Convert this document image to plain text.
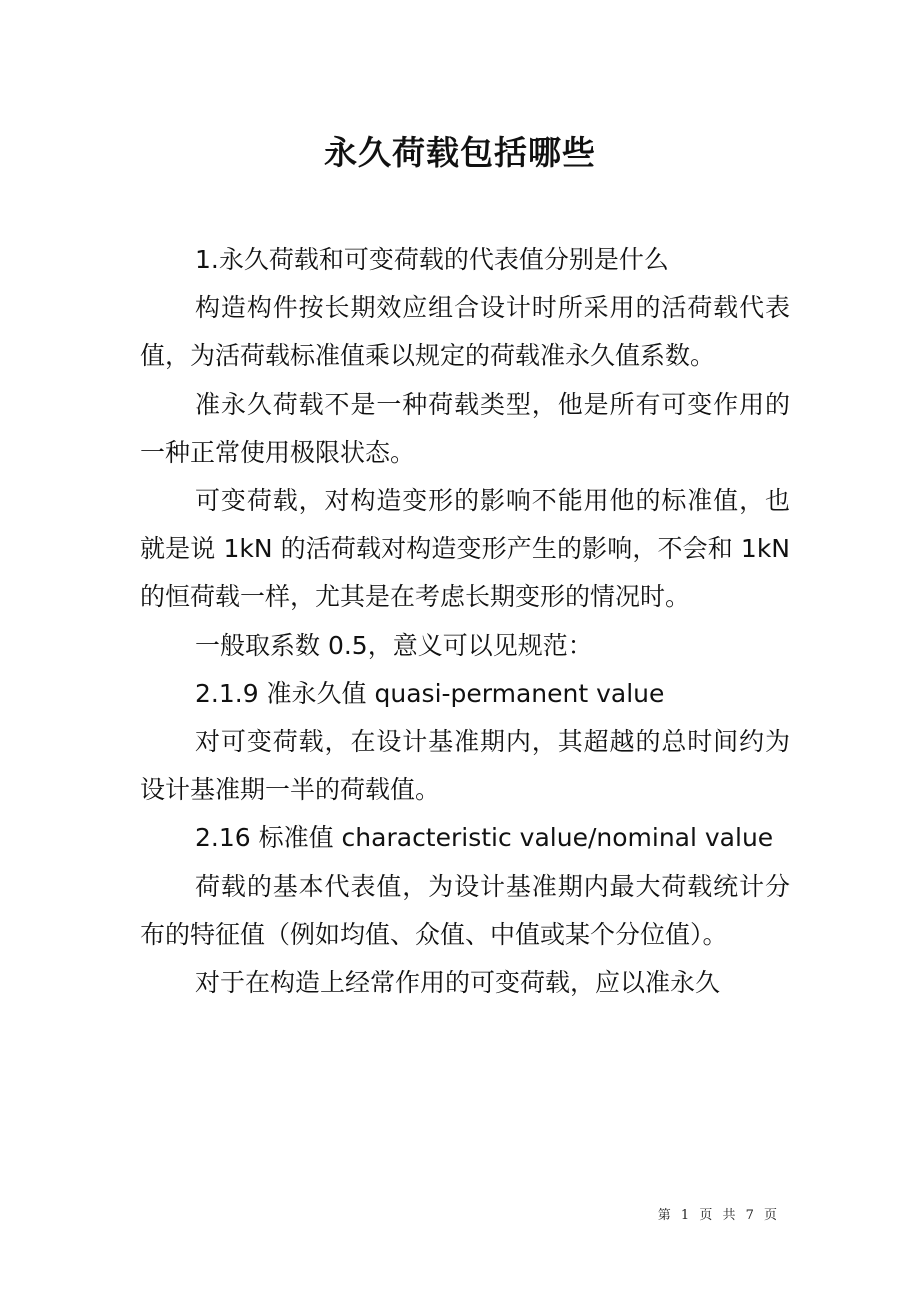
永久荷载包括哪些

1.永久荷载和可变荷载的代表值分别是什么

构造构件按长期效应组合设计时所采用的活荷载代表值，为活荷载标准值乘以规定的荷载准永久值系数。

准永久荷载不是一种荷载类型，他是所有可变作用的一种正常使用极限状态。

可变荷载，对构造变形的影响不能用他的标准值，也就是说 1kN 的活荷载对构造变形产生的影响，不会和 1kN 的恒荷载一样，尤其是在考虑长期变形的情况时。

一般取系数 0.5，意义可以见规范：

2.1.9 准永久值 quasi-permanent value

对可变荷载，在设计基准期内，其超越的总时间约为设计基准期一半的荷载值。

2.16 标准值 characteristic value/nominal value

荷载的基本代表值，为设计基准期内最大荷载统计分布的特征值（例如均值、众值、中值或某个分位值）。

对于在构造上经常作用的可变荷载，应以准永久

第 1 页 共 7 页
